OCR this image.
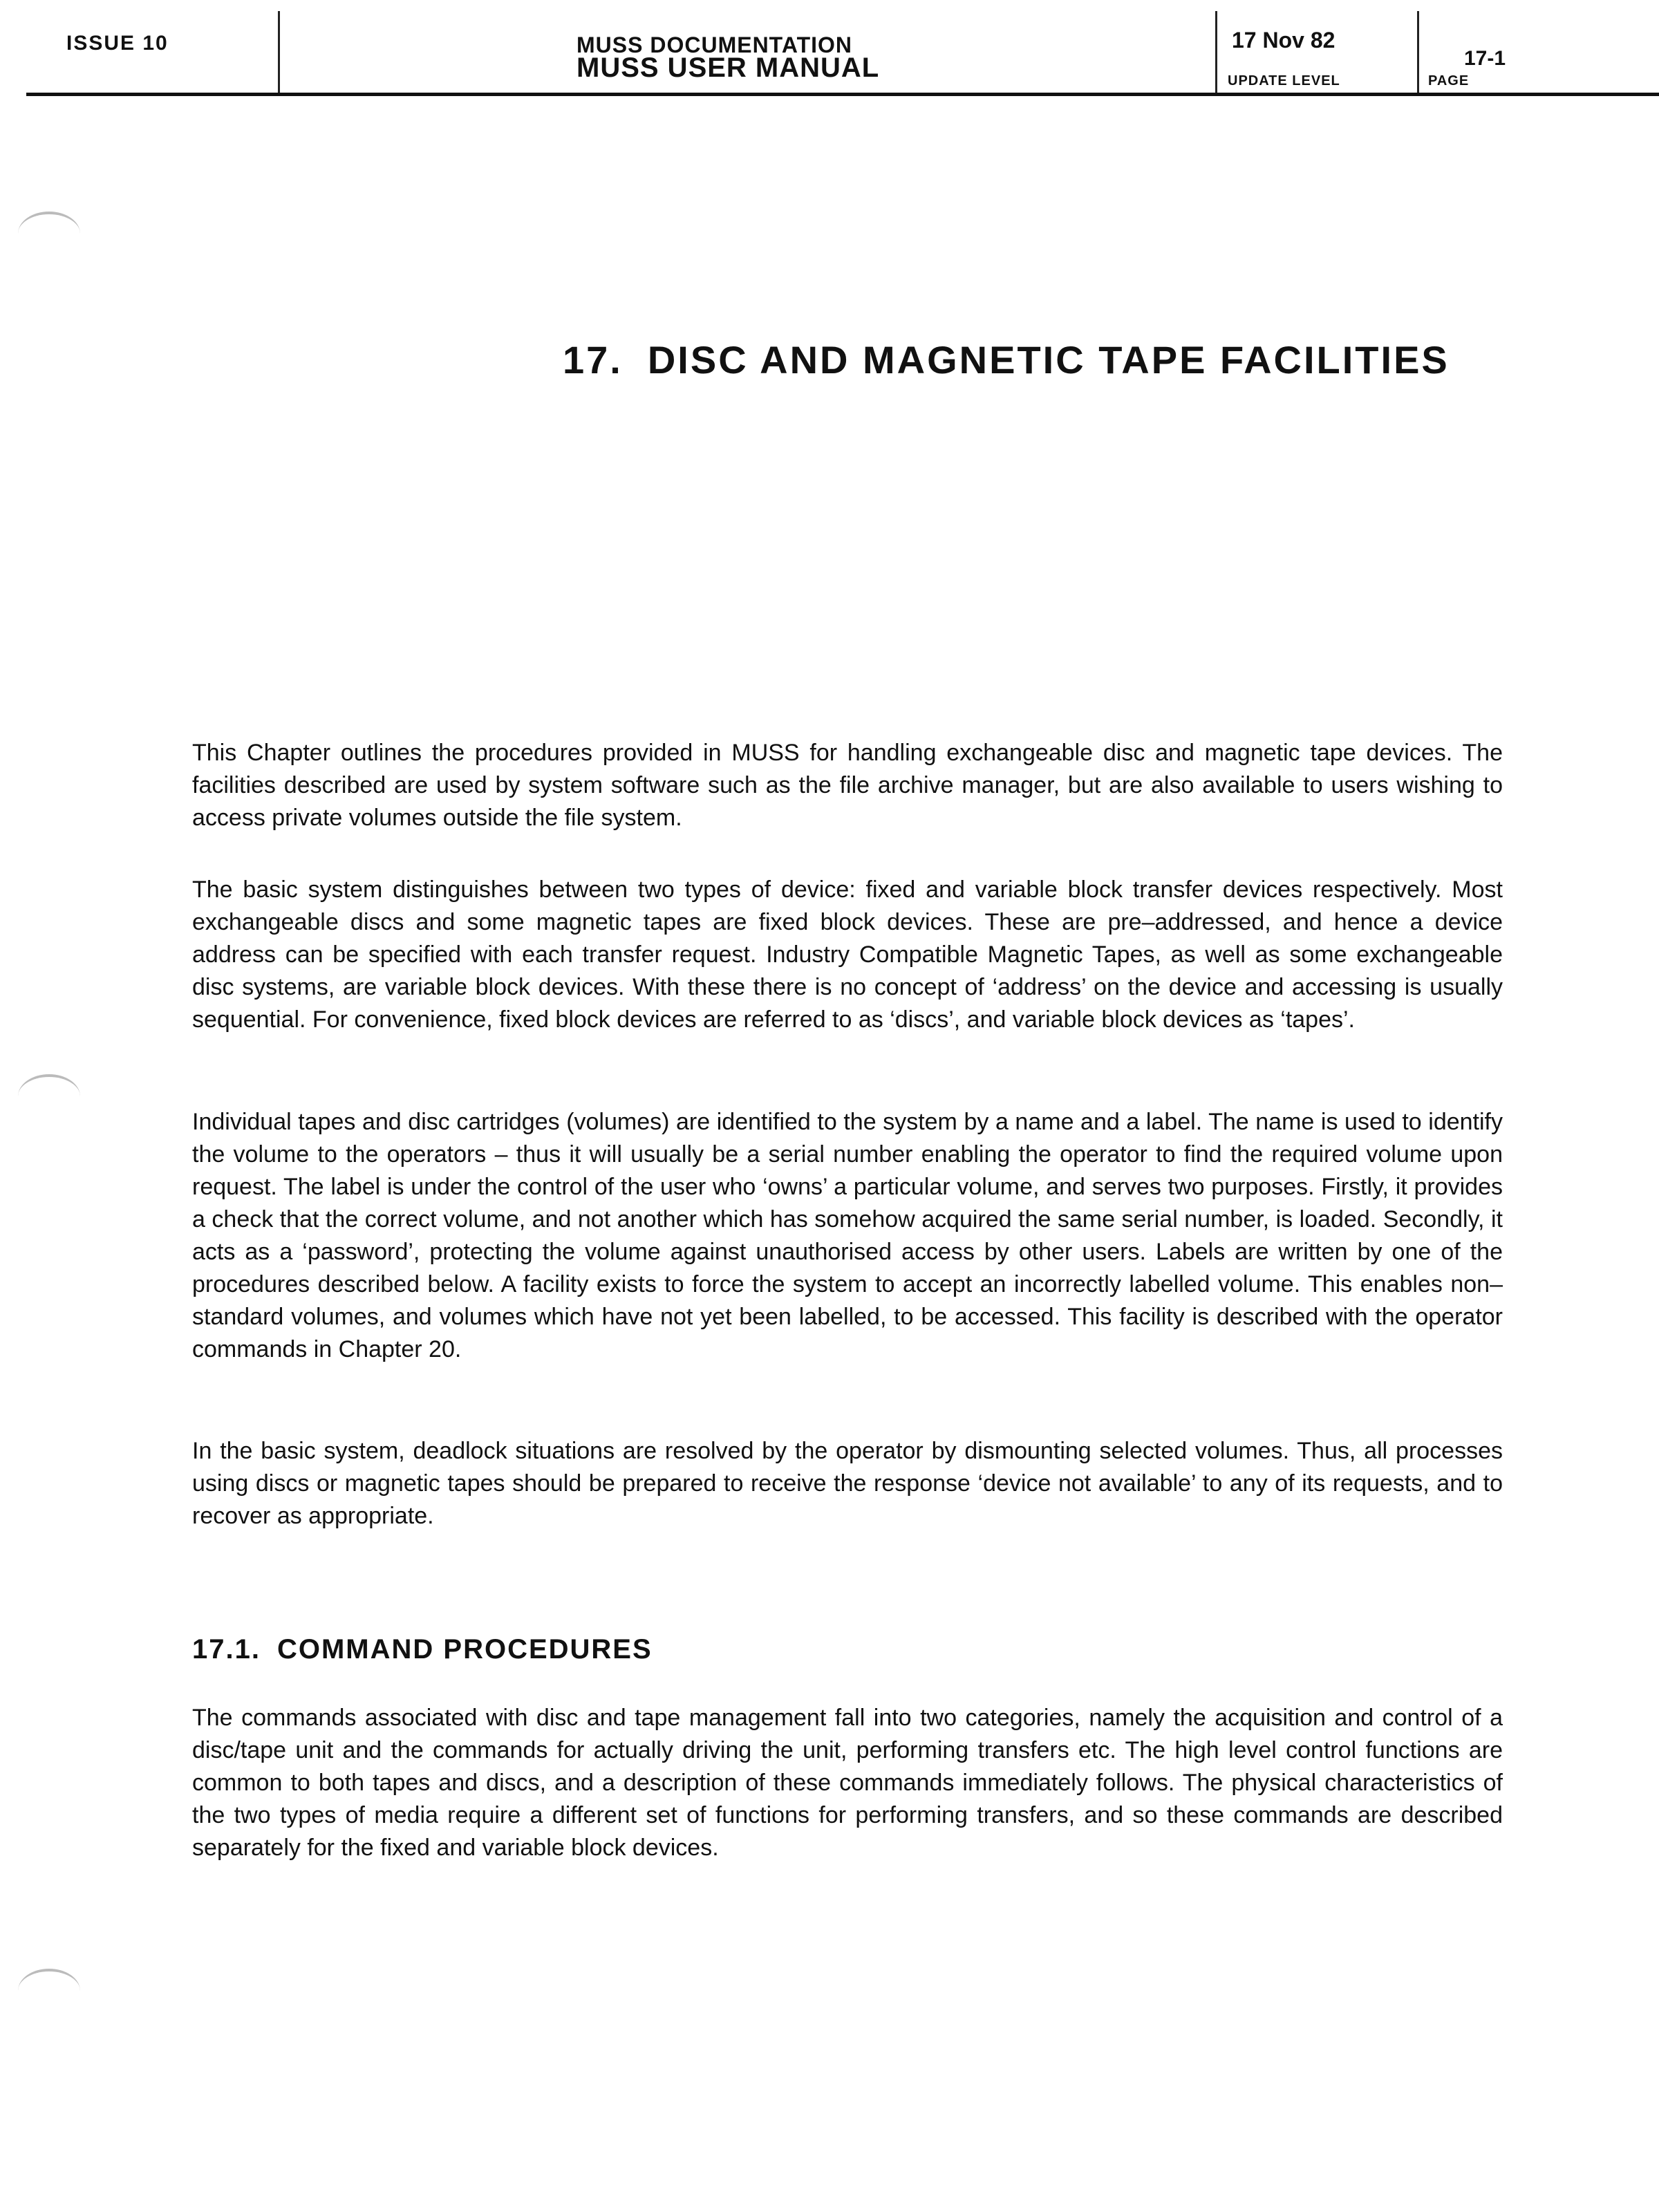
ISSUE 10	MUSS DOCUMENTATION
MUSS USER MANUAL
17 Nov 82
UPDATE LEVEL
17-1
PAGE
17. DISC AND MAGNETIC TAPE FACILITIES

This Chapter outlines the procedures provided in MUSS for handling exchangeable disc and magnetic tape devices. The facilities described are used by system software such as the file archive manager, but are also available to users wishing to access private volumes outside the file system.

The basic system distinguishes between two types of device: fixed and variable block transfer devices respectively. Most exchangeable discs and some magnetic tapes are fixed block devices. These are pre–addressed, and hence a device address can be specified with each transfer request. Industry Compatible Magnetic Tapes, as well as some exchangeable disc systems, are variable block devices. With these there is no concept of ‘address’ on the device and accessing is usually sequential. For convenience, fixed block devices are referred to as ‘discs’, and variable block devices as ‘tapes’.

Individual tapes and disc cartridges (volumes) are identified to the system by a name and a label. The name is used to identify the volume to the operators – thus it will usually be a serial number enabling the operator to find the required volume upon request. The label is under the control of the user who ‘owns’ a particular volume, and serves two purposes. Firstly, it provides a check that the correct volume, and not another which has somehow acquired the same serial number, is loaded. Secondly, it acts as a ‘password’, protecting the volume against unauthorised access by other users. Labels are written by one of the procedures described below. A facility exists to force the system to accept an incorrectly labelled volume. This enables non–standard volumes, and volumes which have not yet been labelled, to be accessed. This facility is described with the operator commands in Chapter 20.

In the basic system, deadlock situations are resolved by the operator by dismounting selected volumes. Thus, all processes using discs or magnetic tapes should be prepared to receive the response ‘device not available’ to any of its requests, and to recover as appropriate.

17.1. COMMAND PROCEDURES

The commands associated with disc and tape management fall into two categories, namely the acquisition and control of a disc/tape unit and the commands for actually driving the unit, performing transfers etc. The high level control functions are common to both tapes and discs, and a description of these commands immediately follows. The physical characteristics of the two types of media require a different set of functions for performing transfers, and so these commands are described separately for the fixed and variable block devices.
